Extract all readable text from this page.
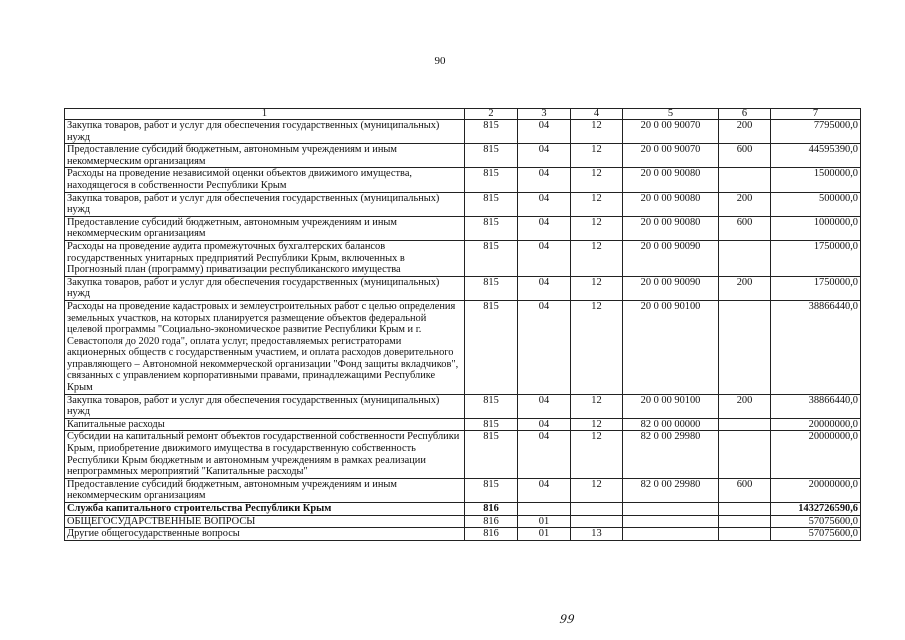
90
1	2	3	4	5	6	7
Закупка товаров, работ и услуг для обеспечения государственных (муниципальных) нужд	815	04	12	20 0 00 90070	200	7795000,0
Предоставление субсидий бюджетным, автономным учреждениям и иным некоммерческим организациям	815	04	12	20 0 00 90070	600	44595390,0
Расходы на проведение независимой оценки объектов движимого имущества, находящегося в собственности Республики Крым	815	04	12	20 0 00 90080		1500000,0
Закупка товаров, работ и услуг для обеспечения государственных (муниципальных) нужд	815	04	12	20 0 00 90080	200	500000,0
Предоставление субсидий бюджетным, автономным учреждениям и иным некоммерческим организациям	815	04	12	20 0 00 90080	600	1000000,0
Расходы на проведение аудита промежуточных бухгалтерских балансов государственных унитарных предприятий Республики Крым, включенных в Прогнозный план (программу) приватизации республиканского имущества	815	04	12	20 0 00 90090		1750000,0
Закупка товаров, работ и услуг для обеспечения государственных (муниципальных) нужд	815	04	12	20 0 00 90090	200	1750000,0
Расходы на проведение кадастровых и землеустроительных работ с целью определения земельных участков, на которых планируется размещение объектов федеральной целевой программы "Социально-экономическое развитие Республики Крым и г. Севастополя до 2020 года", оплата услуг, предоставляемых регистраторами акционерных обществ с государственным участием, и оплата расходов доверительного управляющего – Автономной некоммерческой организации "Фонд защиты вкладчиков", связанных с управлением корпоративными правами, принадлежащими Республике Крым	815	04	12	20 0 00 90100		38866440,0
Закупка товаров, работ и услуг для обеспечения государственных (муниципальных) нужд	815	04	12	20 0 00 90100	200	38866440,0
Капитальные расходы	815	04	12	82 0 00 00000		20000000,0
Субсидии на капитальный ремонт объектов государственной собственности Республики Крым, приобретение движимого имущества в государственную собственность Республики Крым бюджетным и автономным учреждениям в рамках реализации непрограммных мероприятий "Капитальные расходы"	815	04	12	82 0 00 29980		20000000,0
Предоставление субсидий бюджетным, автономным учреждениям и иным некоммерческим организациям	815	04	12	82 0 00 29980	600	20000000,0
Служба капитального строительства Республики Крым	816					1432726590,6
ОБЩЕГОСУДАРСТВЕННЫЕ ВОПРОСЫ	816	01				57075600,0
Другие общегосударственные вопросы	816	01	13			57075600,0
99
